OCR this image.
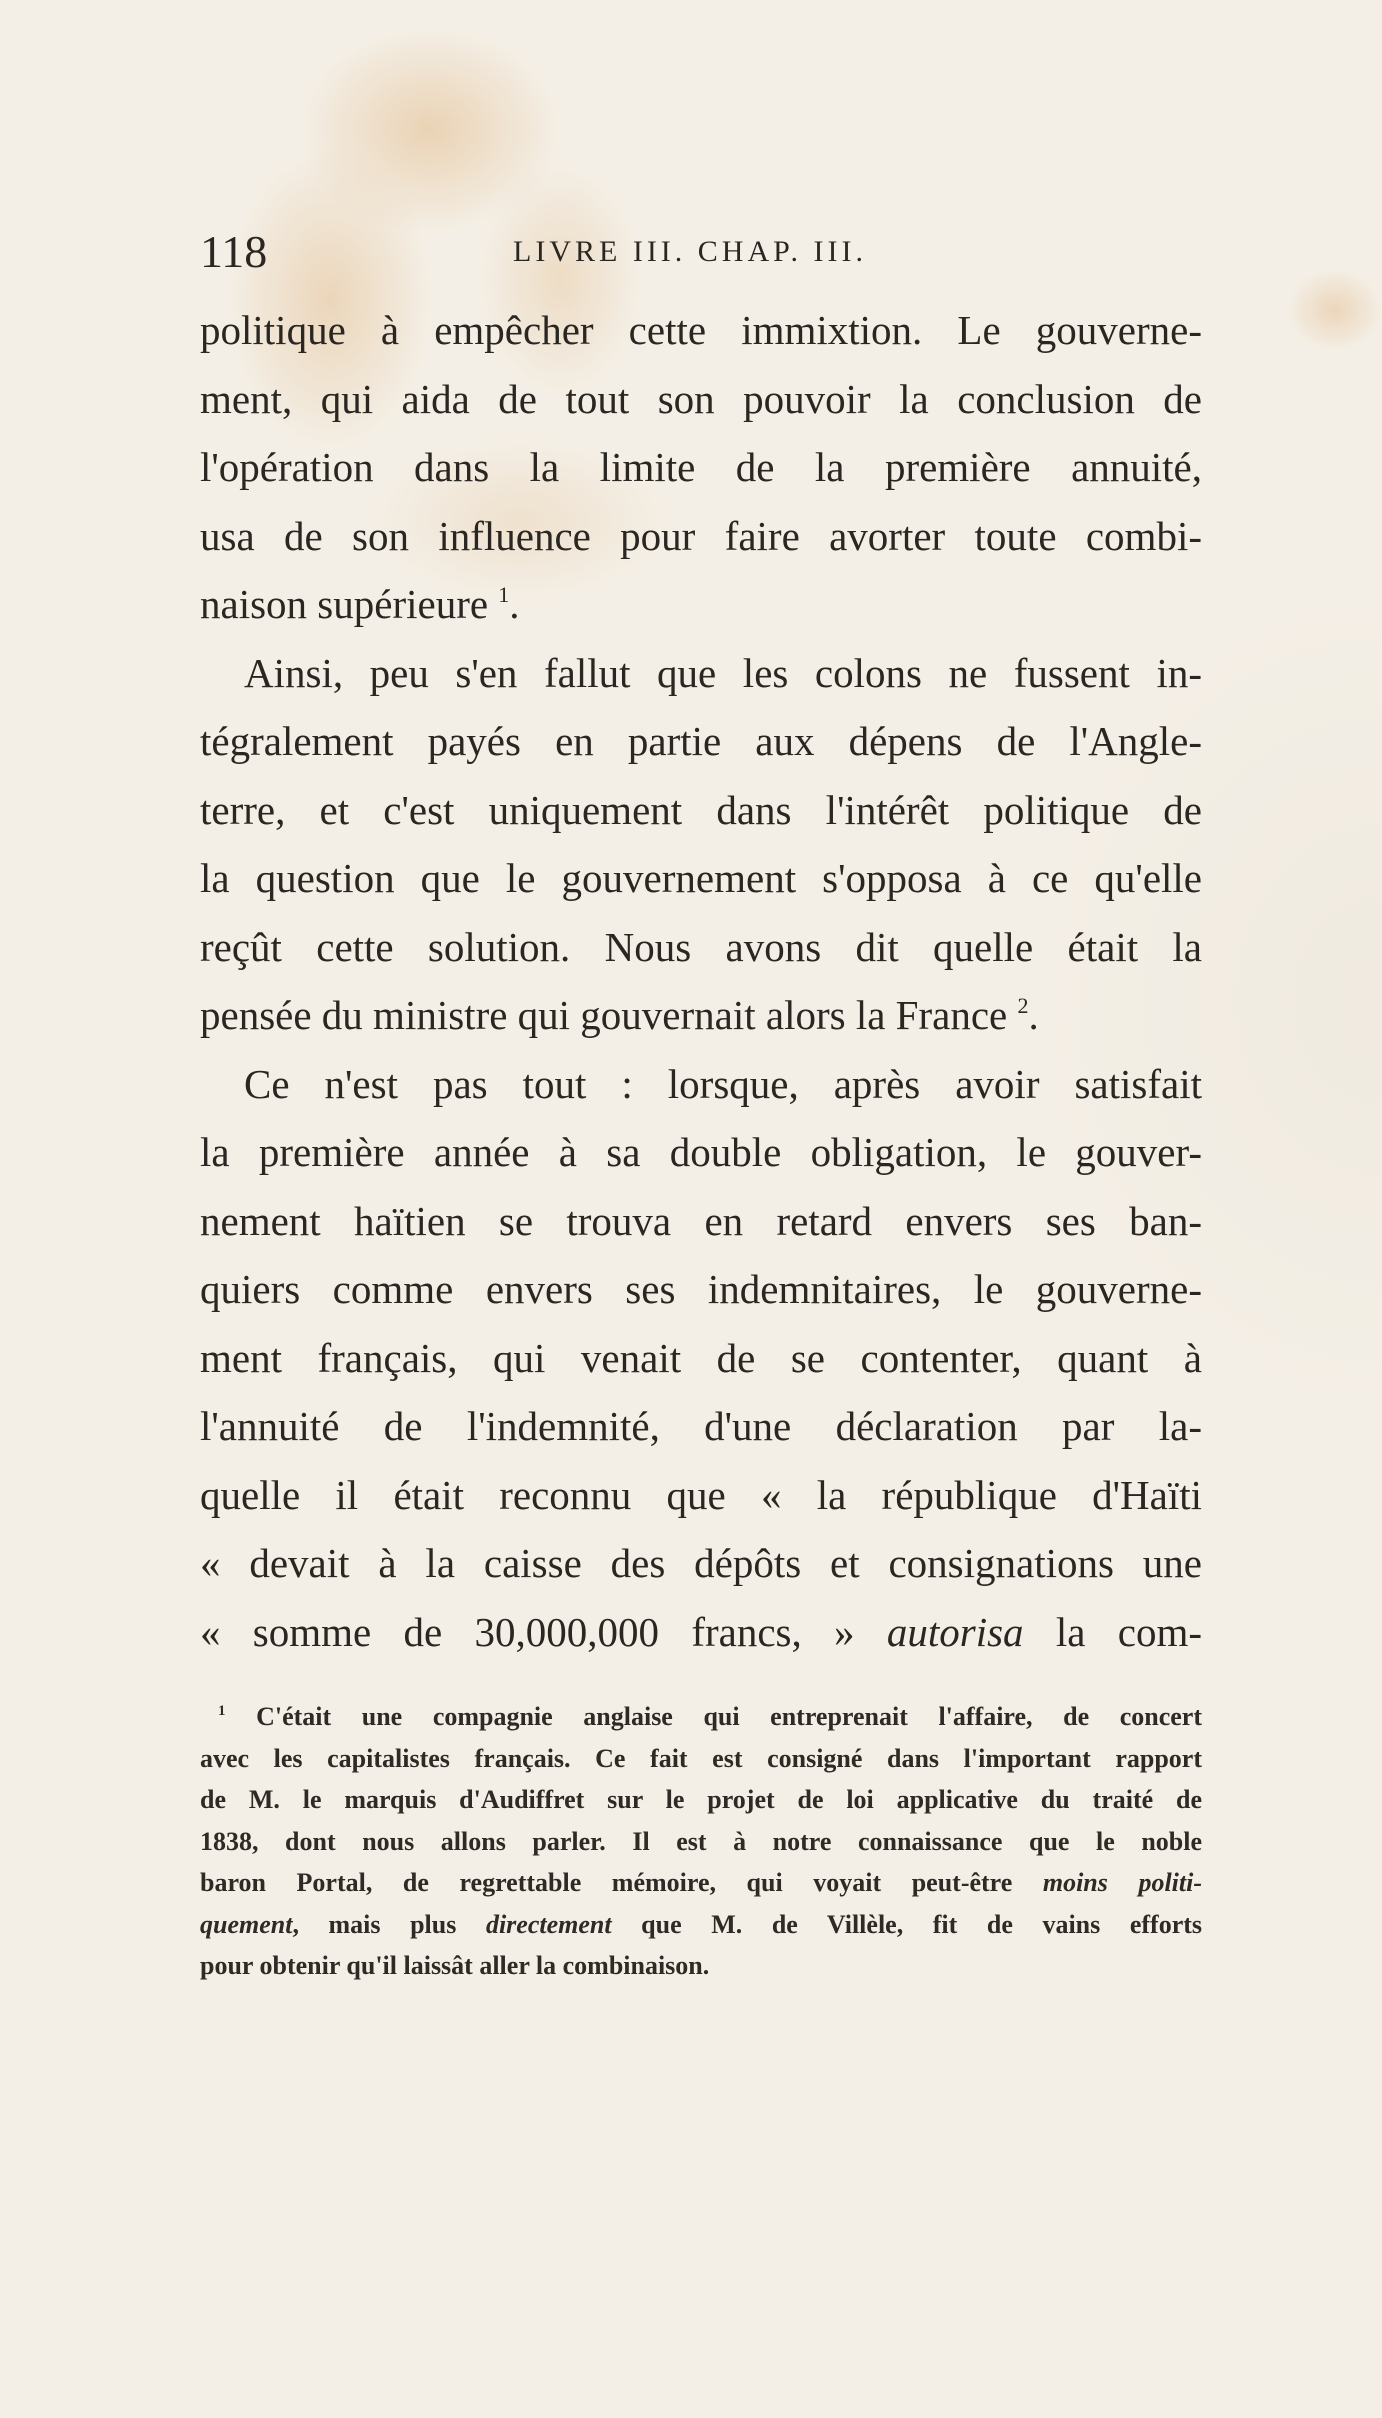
118	LIVRE III. CHAP. III.

politique à empêcher cette immixtion. Le gouverne-
ment, qui aida de tout son pouvoir la conclusion de
l'opération dans la limite de la première annuité,
usa de son influence pour faire avorter toute combi-
naison supérieure $^1$.

Ainsi, peu s'en fallut que les colons ne fussent in-
tégralement payés en partie aux dépens de l'Angle-
terre, et c'est uniquement dans l'intérêt politique de
la question que le gouvernement s'opposa à ce qu'elle
reçût cette solution. Nous avons dit quelle était la
pensée du ministre qui gouvernait alors la France $^2$.

Ce n'est pas tout : lorsque, après avoir satisfait
la première année à sa double obligation, le gouver-
nement haïtien se trouva en retard envers ses ban-
quiers comme envers ses indemnitaires, le gouverne-
ment français, qui venait de se contenter, quant à
l'annuité de l'indemnité, d'une déclaration par la-
quelle il était reconnu que « la république d'Haïti
« devait à la caisse des dépôts et consignations une
« somme de 30,000,000 francs, » autorisa la com-

$^1$ C'était une compagnie anglaise qui entreprenait l'affaire, de concert
avec les capitalistes français. Ce fait est consigné dans l'important rapport
de M. le marquis d'Audiffret sur le projet de loi applicative du traité de
1838, dont nous allons parler. Il est à notre connaissance que le noble
baron Portal, de regrettable mémoire, qui voyait peut-être moins politi-
quement, mais plus directement que M. de Villèle, fit de vains efforts
pour obtenir qu'il laissât aller la combinaison.
